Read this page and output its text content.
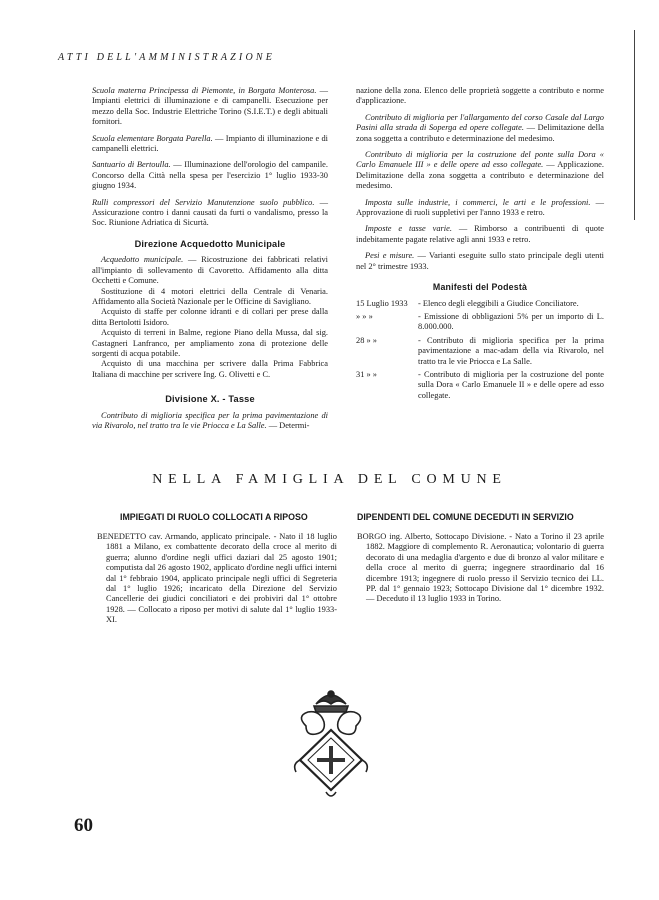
ATTI DELL'AMMINISTRAZIONE

Scuola materna Principessa di Piemonte, in Borgata Monterosa. — Impianti elettrici di illuminazione e di campanelli. Esecuzione per mezzo della Soc. Industrie Elettriche Torino (S.I.E.T.) e degli abituali fornitori.

Scuola elementare Borgata Parella. — Impianto di illuminazione e di campanelli elettrici.

Santuario di Bertoulla. — Illuminazione dell'orologio del campanile. Concorso della Città nella spesa per l'esercizio 1° luglio 1933-30 giugno 1934.

Rulli compressori del Servizio Manutenzione suolo pubblico. — Assicurazione contro i danni causati da furti o vandalismo, presso la Soc. Riunione Adriatica di Sicurtà.

Direzione Acquedotto Municipale

Acquedotto municipale. — Ricostruzione dei fabbricati relativi all'impianto di sollevamento di Cavoretto. Affidamento alla ditta Occhetti e Comune.

Sostituzione di 4 motori elettrici della Centrale di Venaria. Affidamento alla Società Nazionale per le Officine di Savigliano.

Acquisto di staffe per colonne idranti e di collari per prese dalla ditta Bertolotti Isidoro.

Acquisto di terreni in Balme, regione Piano della Mussa, dal sig. Castagneri Lanfranco, per ampliamento zona di protezione delle sorgenti di acqua potabile.

Acquisto di una macchina per scrivere dalla Prima Fabbrica Italiana di macchine per scrivere Ing. G. Olivetti e C.

Divisione X. - Tasse

Contributo di miglioria specifica per la prima pavimentazione di via Rivarolo, nel tratto tra le vie Priocca e La Salle. — Determi-

nazione della zona. Elenco delle proprietà soggette a contributo e norme d'applicazione.

Contributo di miglioria per l'allargamento del corso Casale dal Largo Pasini alla strada di Soperga ed opere collegate. — Delimitazione della zona soggetta a contributo e determinazione del medesimo.

Contributo di miglioria per la costruzione del ponte sulla Dora « Carlo Emanuele III » e delle opere ad esso collegate. — Applicazione. Delimitazione della zona soggetta a contributo e determinazione del medesimo.

Imposta sulle industrie, i commerci, le arti e le professioni. — Approvazione di ruoli suppletivi per l'anno 1933 e retro.

Imposte e tasse varie. — Rimborso a contribuenti di quote indebitamente pagate relative agli anni 1933 e retro.

Pesi e misure. — Varianti eseguite sullo stato principale degli utenti nel 2° trimestre 1933.

Manifesti del Podestà
15 Luglio 1933	- Elenco degli eleggibili a Giudice Conciliatore.
» » »	- Emissione di obbligazioni 5% per un importo di L. 8.000.000.
28 » »	- Contributo di miglioria specifica per la prima pavimentazione a mac-adam della via Rivarolo, nel tratto tra le vie Priocca e La Salle.
31 » »	- Contributo di miglioria per la costruzione del ponte sulla Dora « Carlo Emanuele II » e delle opere ad esso collegate.
NELLA FAMIGLIA DEL COMUNE
IMPIEGATI DI RUOLO COLLOCATI A RIPOSO	DIPENDENTI DEL COMUNE DECEDUTI IN SERVIZIO

BENEDETTO cav. Armando, applicato principale. - Nato il 18 luglio 1881 a Milano, ex combattente decorato della croce al merito di guerra; alunno d'ordine negli uffici daziari dal 25 agosto 1901; computista dal 26 agosto 1902, applicato d'ordine negli uffici interni dal 1° febbraio 1904, applicato principale negli uffici di Segreteria dal 1° luglio 1926; incaricato della Direzione del Servizio Cancellerie dei giudici conciliatori e dei probiviri dal 1° ottobre 1928. — Collocato a riposo per motivi di salute dal 1° luglio 1933-XI.

BORGO ing. Alberto, Sottocapo Divisione. - Nato a Torino il 23 aprile 1882. Maggiore di complemento R. Aeronautica; volontario di guerra decorato di una medaglia d'argento e due di bronzo al valor militare e della croce al merito di guerra; ingegnere straordinario dal 16 dicembre 1913; ingegnere di ruolo presso il Servizio tecnico dei LL. PP. dal 1° gennaio 1923; Sottocapo Divisione dal 1° dicembre 1932. — Deceduto il 13 luglio 1933 in Torino.

60
